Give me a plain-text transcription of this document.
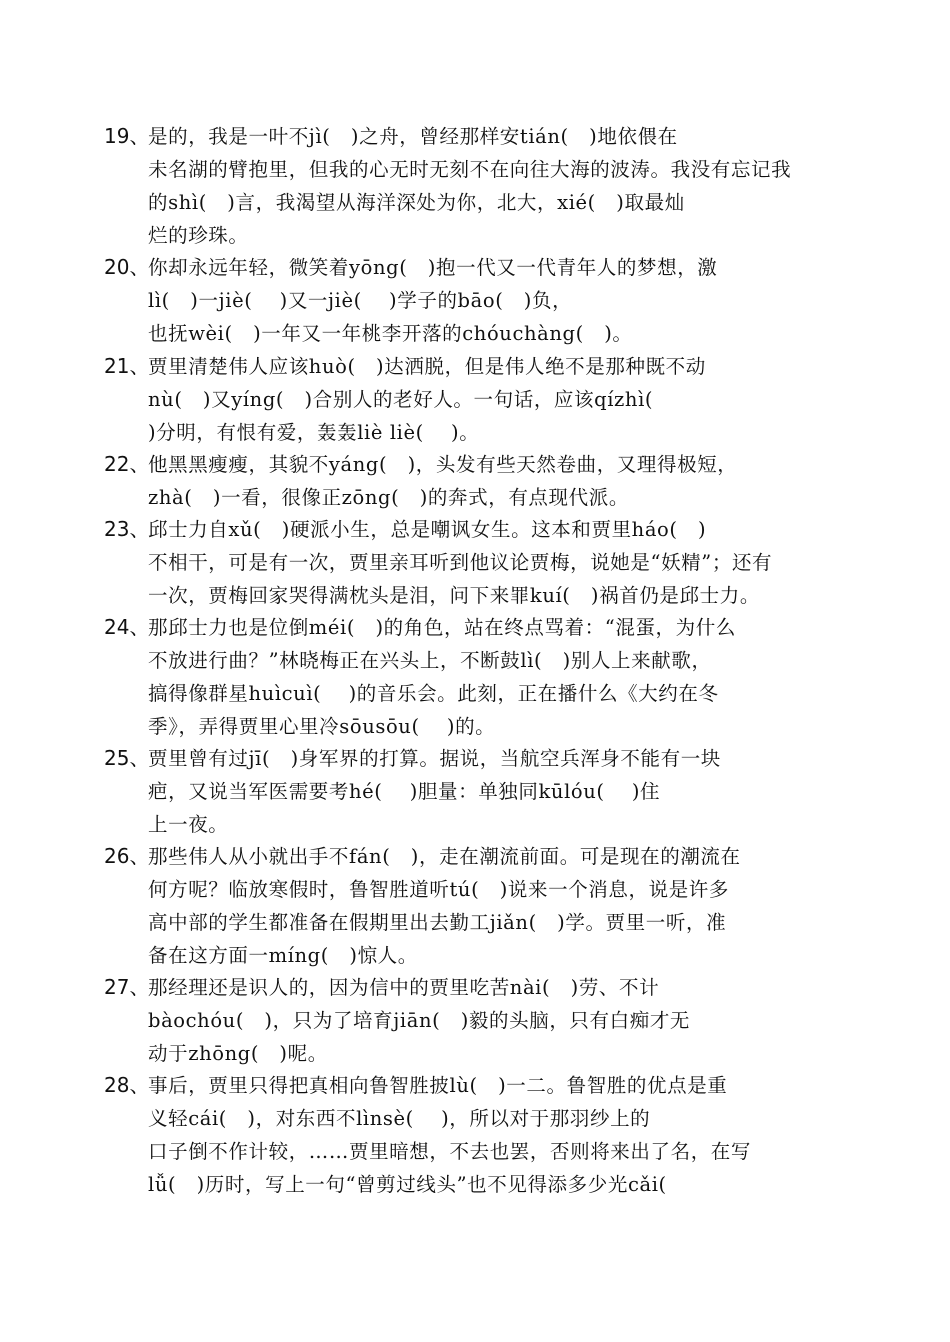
19、
是的，我是一叶不jì(   )之舟，曾经那样安tián(   )地依偎在
未名湖的臂抱里，但我的心无时无刻不在向往大海的波涛。我没有忘记我
的shì(   )言，我渴望从海洋深处为你，北大，xié(   )取最灿
烂的珍珠。
20、
你却永远年轻，微笑着yōng(   )抱一代又一代青年人的梦想，激
lì(   )一jiè(    )又一jiè(    )学子的bāo(   )负，
也抚wèi(   )一年又一年桃李开落的chóuchàng(   )。
21、
贾里清楚伟人应该huò(   )达洒脱，但是伟人绝不是那种既不动
nù(   )又yíng(   )合别人的老好人。一句话，应该qízhì(
)分明，有恨有爱，轰轰liè liè(    )。
22、
他黑黑瘦瘦，其貌不yáng(   )，头发有些天然卷曲，又理得极短，
zhà(   )一看，很像正zōng(   )的奔式，有点现代派。
23、
邱士力自xǔ(   )硬派小生，总是嘲讽女生。这本和贾里háo(   )
不相干，可是有一次，贾里亲耳听到他议论贾梅，说她是“妖精”；还有
一次，贾梅回家哭得满枕头是泪，问下来罪kuí(   )祸首仍是邱士力。
24、
那邱士力也是位倒méi(   )的角色，站在终点骂着：“混蛋，为什么
不放进行曲？”林晓梅正在兴头上，不断鼓lì(   )别人上来献歌，
搞得像群星huìcuì(    )的音乐会。此刻，正在播什么《大约在冬
季》，弄得贾里心里冷sōusōu(    )的。
25、
贾里曾有过jī(   )身军界的打算。据说，当航空兵浑身不能有一块
疤，又说当军医需要考hé(    )胆量：单独同kūlóu(    )住
上一夜。
26、
那些伟人从小就出手不fán(   )，走在潮流前面。可是现在的潮流在
何方呢？临放寒假时，鲁智胜道听tú(   )说来一个消息，说是许多
高中部的学生都准备在假期里出去勤工jiǎn(   )学。贾里一听，准
备在这方面一míng(   )惊人。
27、
那经理还是识人的，因为信中的贾里吃苦nài(   )劳、不计
bàochóu(   )，只为了培育jiān(   )毅的头脑，只有白痴才无
动于zhōng(   )呢。
28、
事后，贾里只得把真相向鲁智胜披lù(   )一二。鲁智胜的优点是重
义轻cái(   )，对东西不lìnsè(    )，所以对于那羽纱上的
口子倒不作计较，……贾里暗想，不去也罢，否则将来出了名，在写
lǚ(   )历时，写上一句“曾剪过线头”也不见得添多少光cǎi(
